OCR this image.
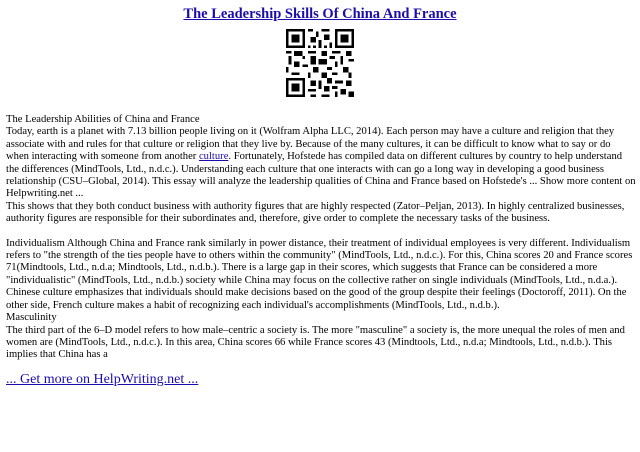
The Leadership Skills Of China And France

The Leadership Abilities of China and France

Today, earth is a planet with 7.13 billion people living on it (Wolfram Alpha LLC, 2014). Each person may have a culture and religion that they associate with and rules for that culture or religion that they live by. Because of the many cultures, it can be difficult to know what to say or do when interacting with someone from another culture. Fortunately, Hofstede has compiled data on different cultures by country to help understand the differences (MindTools, Ltd., n.d.c.). Understanding each culture that one interacts with can go a long way in developing a good business relationship (CSU–Global, 2014). This essay will analyze the leadership qualities of China and France based on Hofstede's ... Show more content on Helpwriting.net ...

This shows that they both conduct business with authority figures that are highly respected (Zator–Peljan, 2013). In highly centralized businesses, authority figures are responsible for their subordinates and, therefore, give order to complete the necessary tasks of the business.

Individualism Although China and France rank similarly in power distance, their treatment of individual employees is very different. Individualism refers to "the strength of the ties people have to others within the community" (MindTools, Ltd., n.d.c.). For this, China scores 20 and France scores 71(Mindtools, Ltd., n.d.a; Mindtools, Ltd., n.d.b.). There is a large gap in their scores, which suggests that France can be considered a more "individualistic" (MindTools, Ltd., n.d.b.) society while China may focus on the collective rather on single individuals (MindTools, Ltd., n.d.a.). Chinese culture emphasizes that individuals should make decisions based on the good of the group despite their feelings (Doctoroff, 2011). On the other side, French culture makes a habit of recognizing each individual's accomplishments (MindTools, Ltd., n.d.b.).

Masculinity

The third part of the 6–D model refers to how male–centric a society is. The more "masculine" a society is, the more unequal the roles of men and women are (MindTools, Ltd., n.d.c.). In this area, China scores 66 while France scores 43 (Mindtools, Ltd., n.d.a; Mindtools, Ltd., n.d.b.). This implies that China has a

... Get more on HelpWriting.net ...
